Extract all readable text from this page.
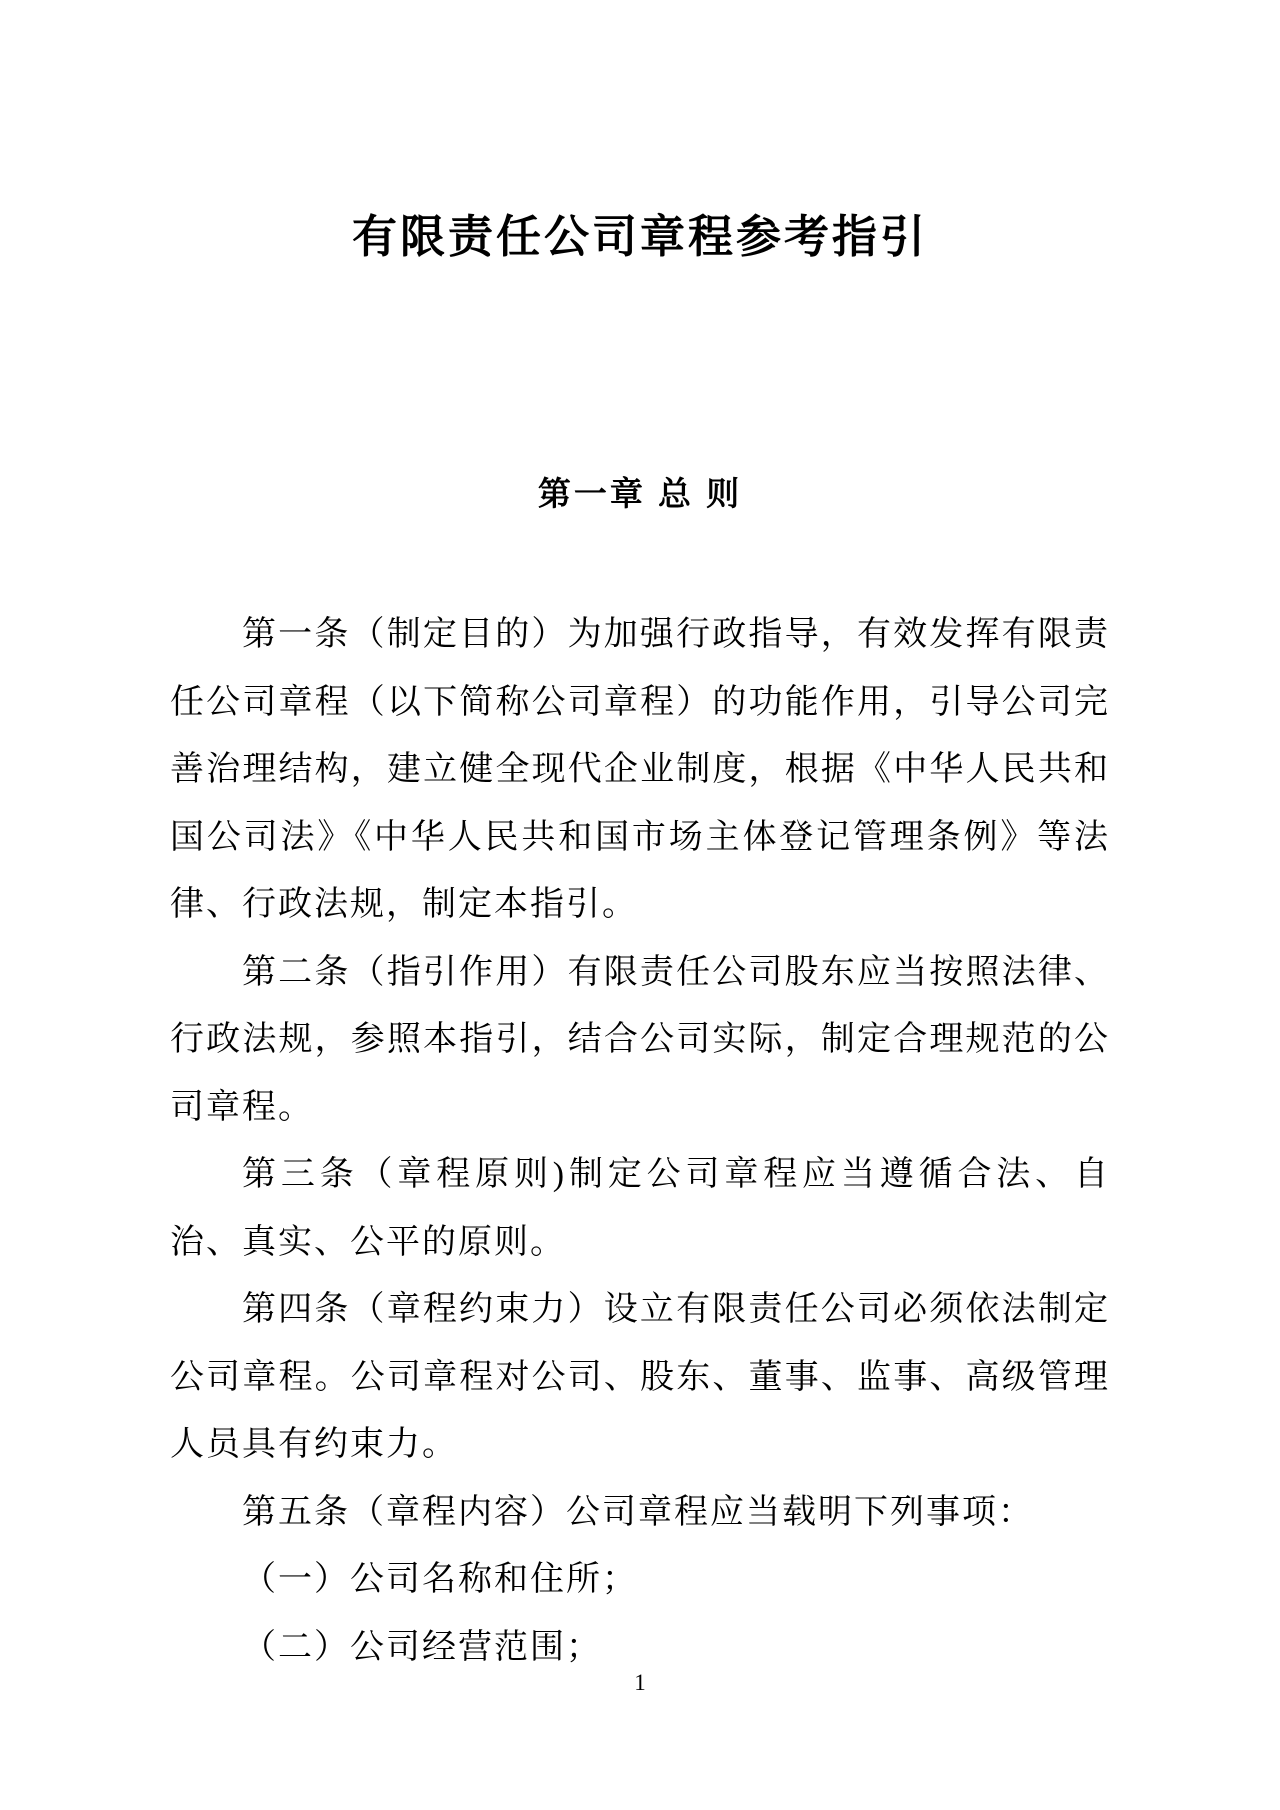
有限责任公司章程参考指引
第一章 总 则

第一条（制定目的）为加强行政指导，有效发挥有限责任公司章程（以下简称公司章程）的功能作用，引导公司完善治理结构，建立健全现代企业制度，根据《中华人民共和国公司法》《中华人民共和国市场主体登记管理条例》等法律、行政法规，制定本指引。

第二条（指引作用）有限责任公司股东应当按照法律、行政法规，参照本指引，结合公司实际，制定合理规范的公司章程。

第三条（章程原则)制定公司章程应当遵循合法、自治、真实、公平的原则。

第四条（章程约束力）设立有限责任公司必须依法制定公司章程。公司章程对公司、股东、董事、监事、高级管理人员具有约束力。

第五条（章程内容）公司章程应当载明下列事项：

（一）公司名称和住所；

（二）公司经营范围；

1
